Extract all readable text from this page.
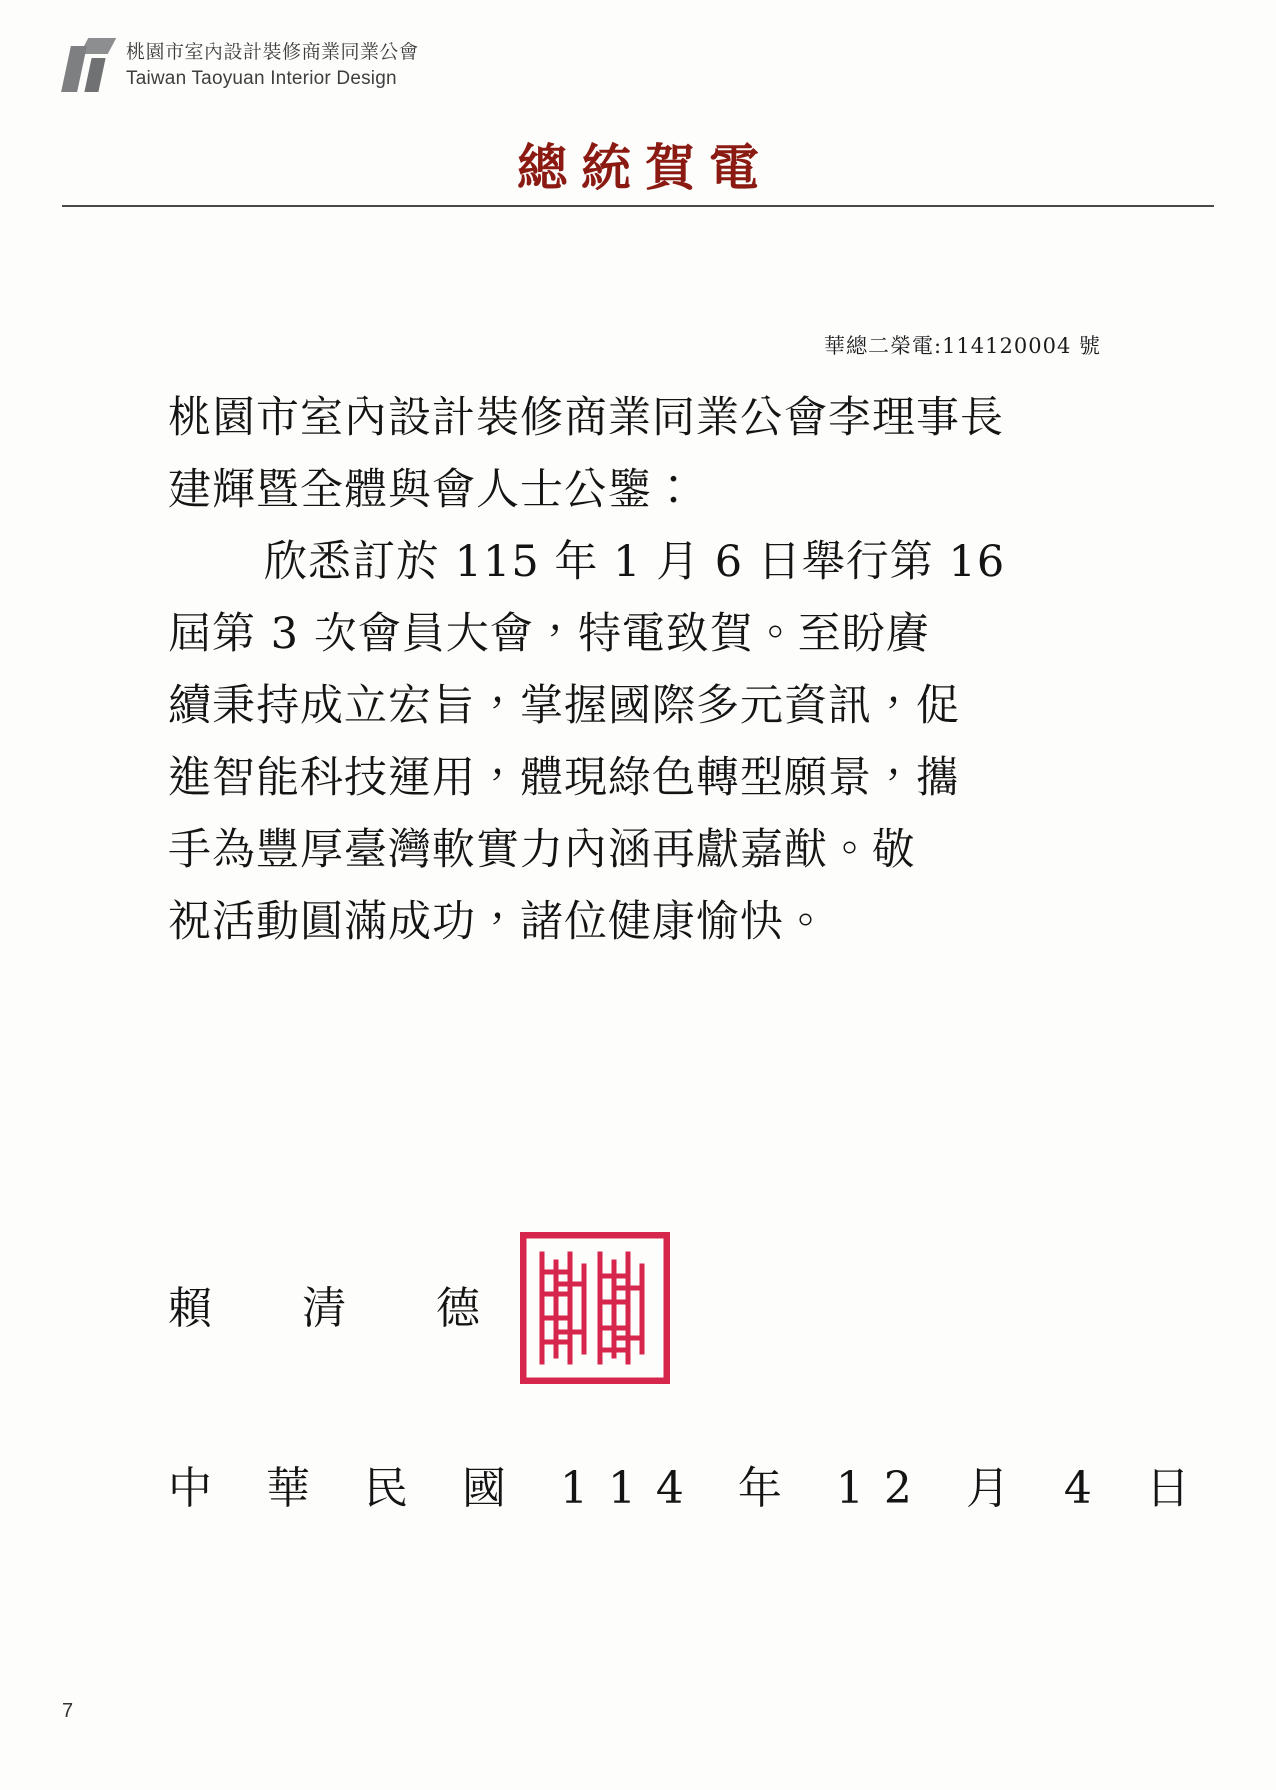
桃園市室內設計裝修商業同業公會
Taiwan Taoyuan Interior Design
總統賀電
華總二榮電:114120004 號

桃園市室內設計裝修商業同業公會李理事長

建輝暨全體與會人士公鑒：

欣悉訂於 115 年 1 月 6 日舉行第 16

屆第 3 次會員大會，特電致賀。至盼賡

續秉持成立宏旨，掌握國際多元資訊，促

進智能科技運用，體現綠色轉型願景，攜

手為豐厚臺灣軟實力內涵再獻嘉猷。敬

祝活動圓滿成功，諸位健康愉快。

賴 清 德
中 華 民 國 114 年 12 月 4 日
7
